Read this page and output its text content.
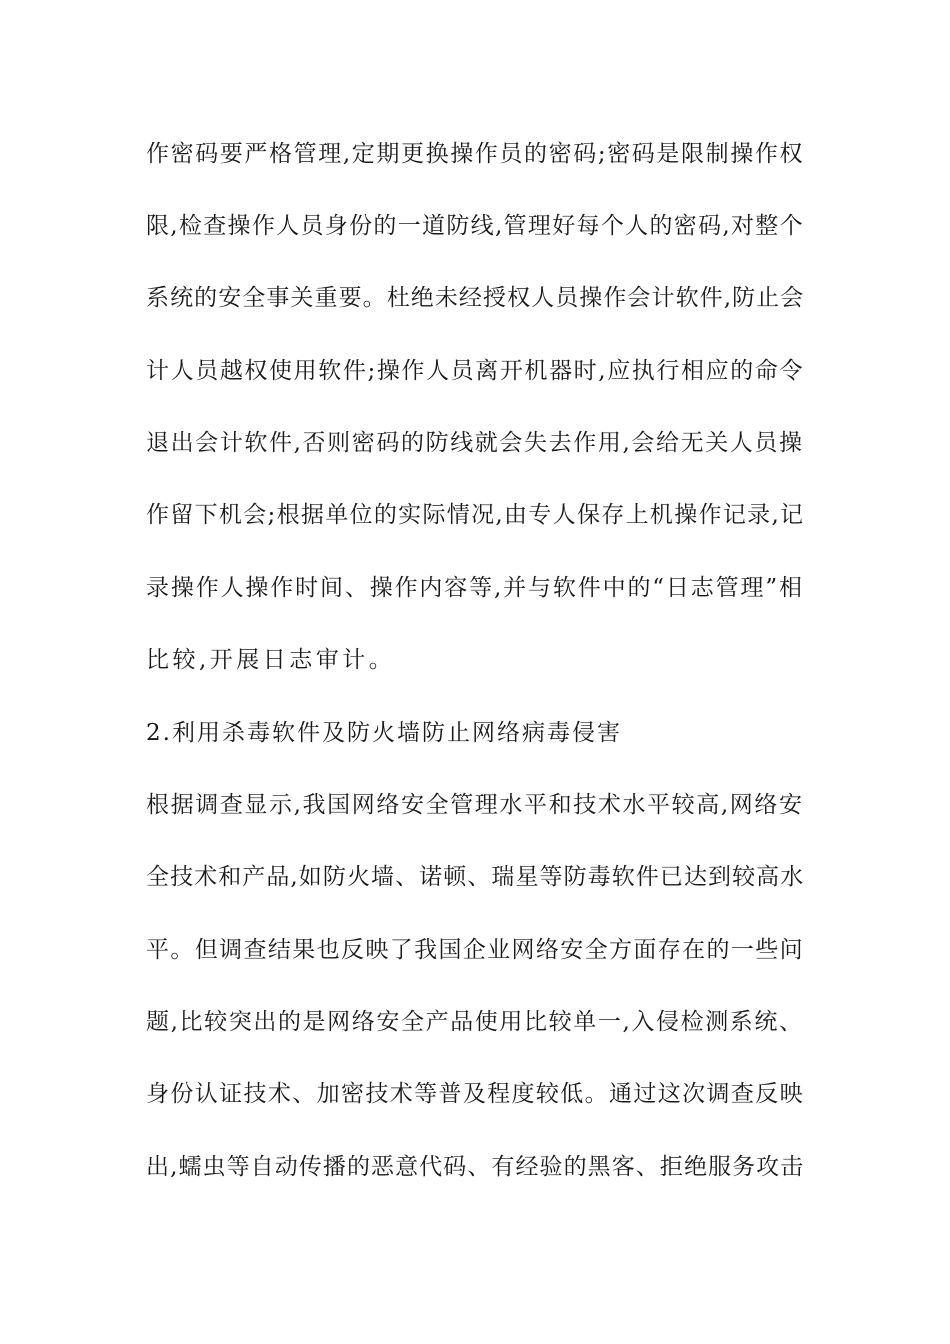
作密码要严格管理,定期更换操作员的密码;密码是限制操作权

限,检查操作人员身份的一道防线,管理好每个人的密码,对整个

系统的安全事关重要。杜绝未经授权人员操作会计软件,防止会

计人员越权使用软件;操作人员离开机器时,应执行相应的命令

退出会计软件,否则密码的防线就会失去作用,会给无关人员操

作留下机会;根据单位的实际情况,由专人保存上机操作记录,记

录操作人操作时间、操作内容等,并与软件中的“日志管理”相

比较,开展日志审计。

2.利用杀毒软件及防火墙防止网络病毒侵害

根据调查显示,我国网络安全管理水平和技术水平较高,网络安

全技术和产品,如防火墙、诺顿、瑞星等防毒软件已达到较高水

平。但调查结果也反映了我国企业网络安全方面存在的一些问

题,比较突出的是网络安全产品使用比较单一,入侵检测系统、

身份认证技术、加密技术等普及程度较低。通过这次调查反映

出,蠕虫等自动传播的恶意代码、有经验的黑客、拒绝服务攻击
